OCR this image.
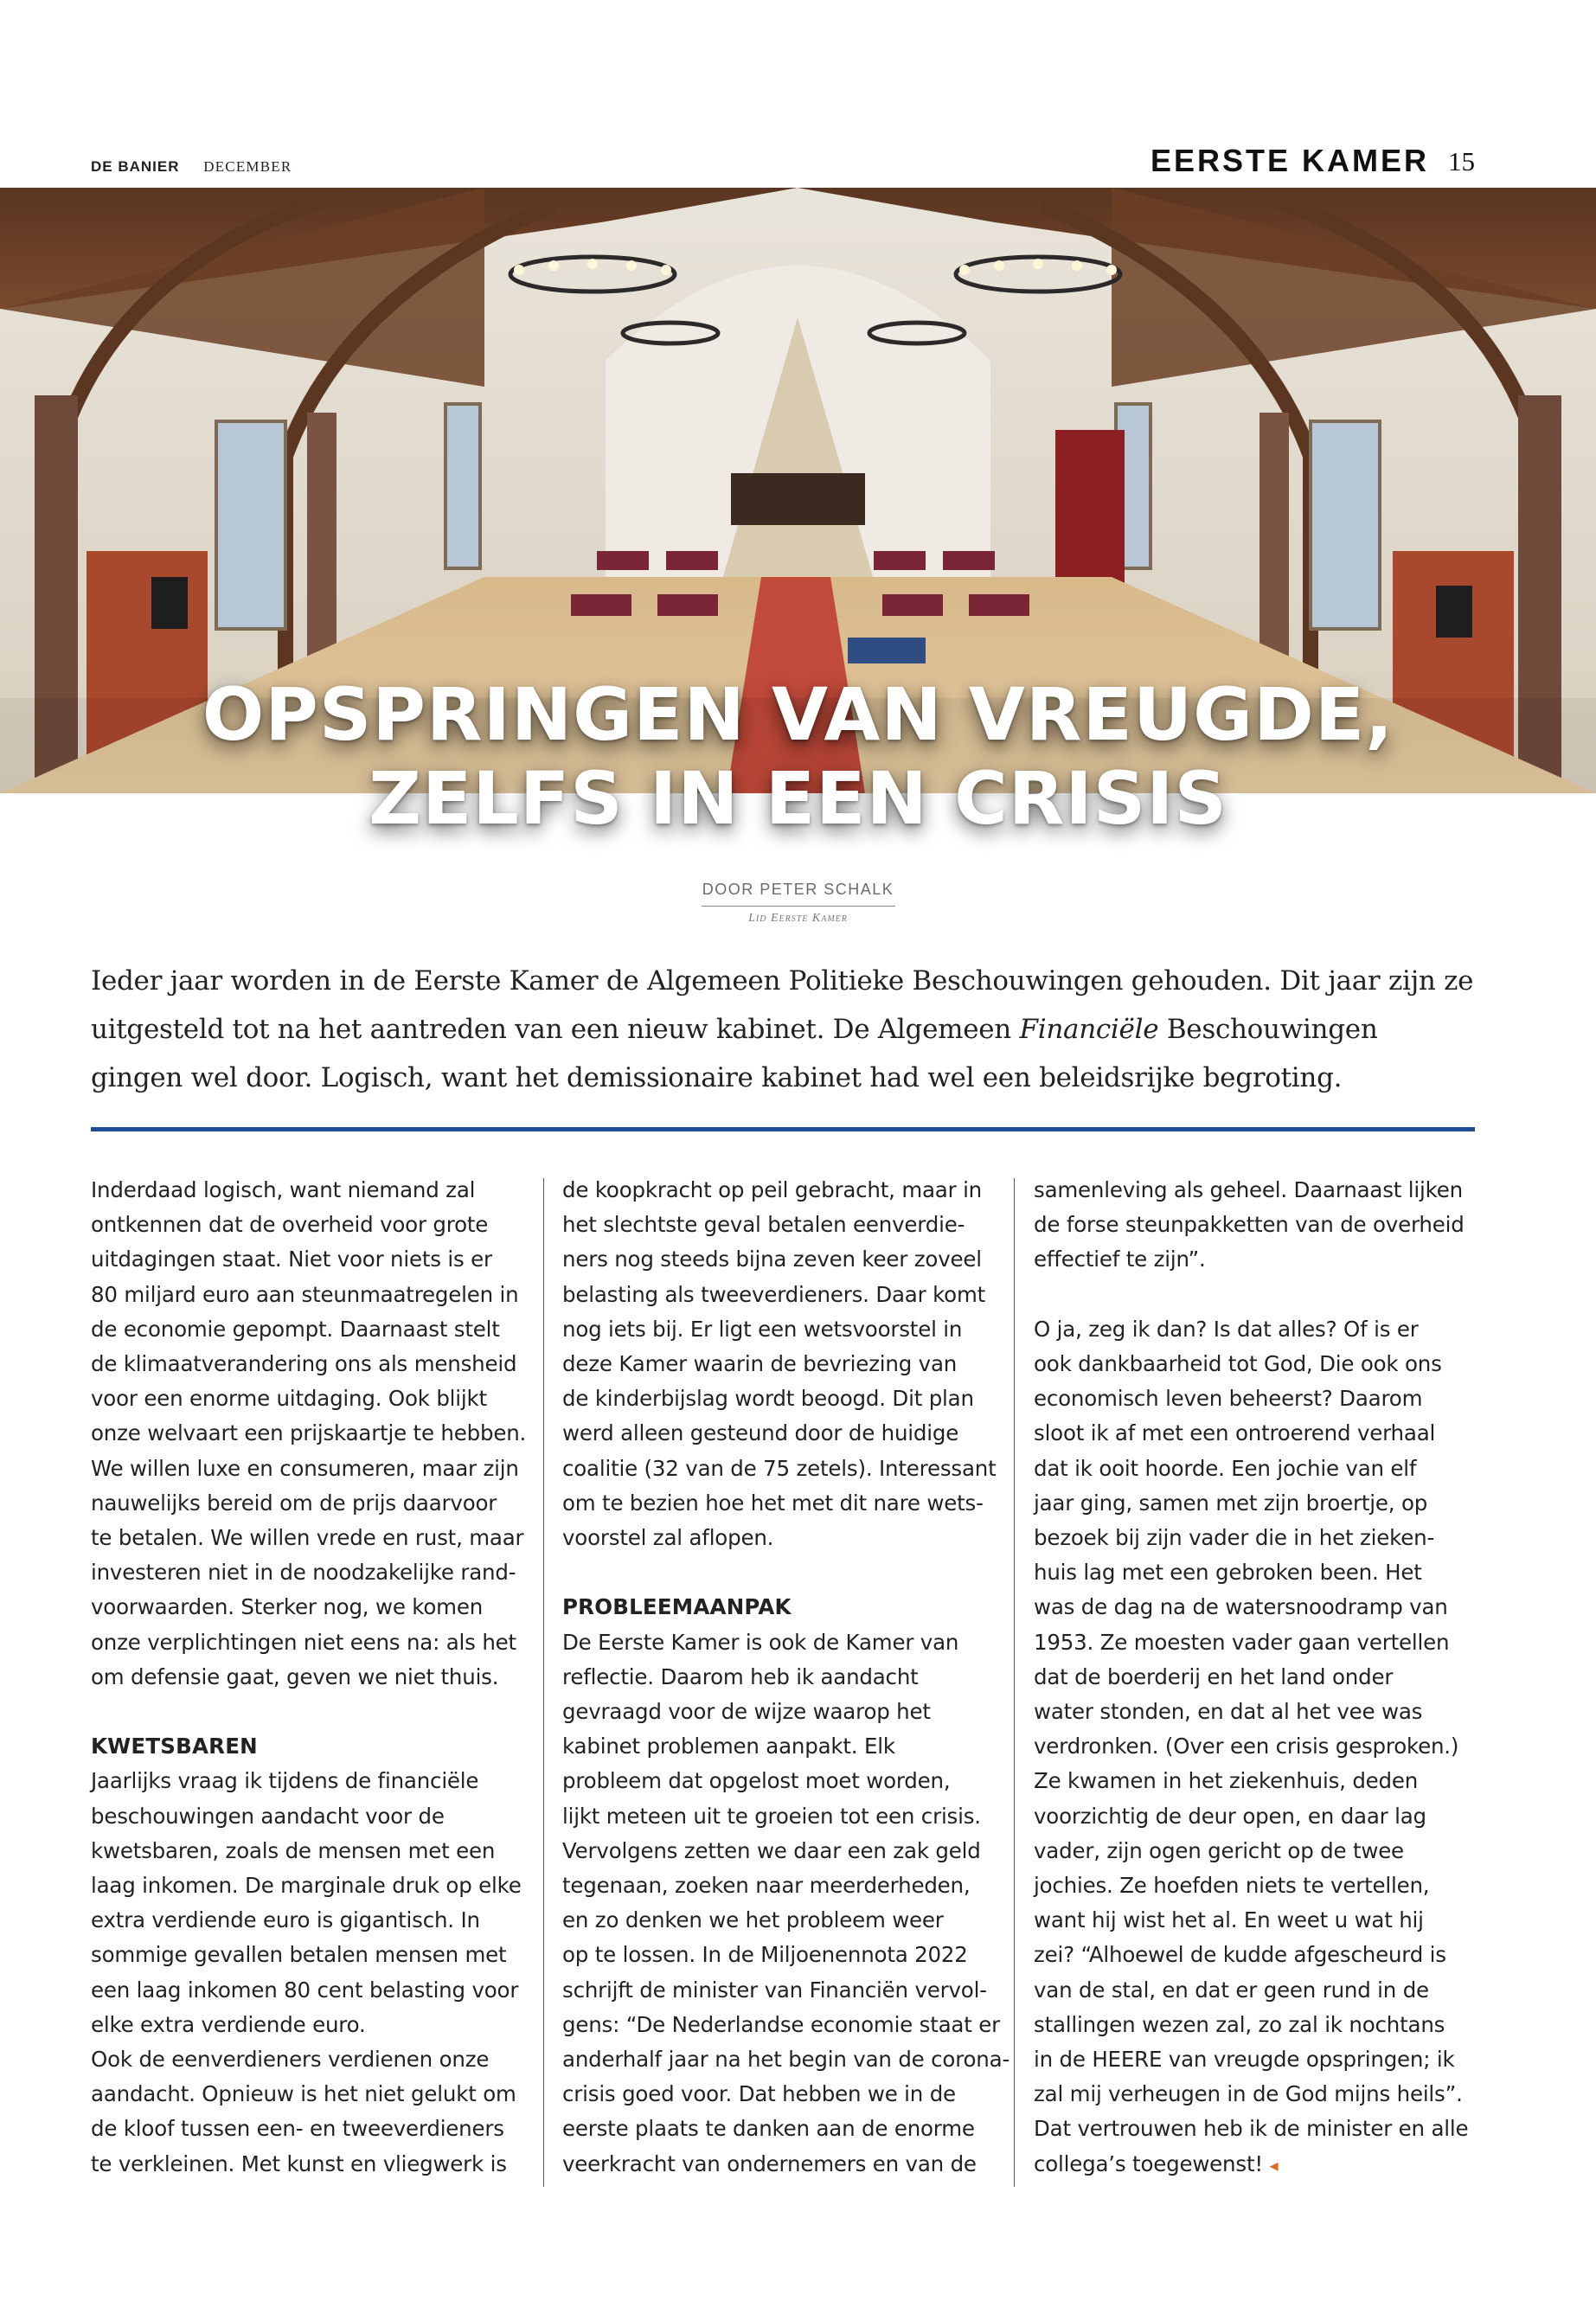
DE BANIER DECEMBER	EERSTE KAMER 15
OPSPRINGEN VAN VREUGDE,
ZELFS IN EEN CRISIS
DOOR PETER SCHALK
Lid Eerste Kamer
Ieder jaar worden in de Eerste Kamer de Algemeen Politieke Beschouwingen gehouden. Dit jaar zijn ze uitgesteld tot na het aantreden van een nieuw kabinet. De Algemeen Financiële Beschouwingen gingen wel door. Logisch, want het demissionaire kabinet had wel een beleidsrijke begroting.

Inderdaad logisch, want niemand zal

ontkennen dat de overheid voor grote

uitdagingen staat. Niet voor niets is er

80 miljard euro aan steunmaatregelen in

de economie gepompt. Daarnaast stelt

de klimaatverandering ons als mensheid

voor een enorme uitdaging. Ook blijkt

onze welvaart een prijskaartje te hebben.

We willen luxe en consumeren, maar zijn

nauwelijks bereid om de prijs daarvoor

te betalen. We willen vrede en rust, maar

investeren niet in de noodzakelijke rand-

voorwaarden. Sterker nog, we komen

onze verplichtingen niet eens na: als het

om defensie gaat, geven we niet thuis.

KWETSBAREN

Jaarlijks vraag ik tijdens de financiële

beschouwingen aandacht voor de

kwetsbaren, zoals de mensen met een

laag inkomen. De marginale druk op elke

extra verdiende euro is gigantisch. In

sommige gevallen betalen mensen met

een laag inkomen 80 cent belasting voor

elke extra verdiende euro.

Ook de eenverdieners verdienen onze

aandacht. Opnieuw is het niet gelukt om

de kloof tussen een- en tweeverdieners

te verkleinen. Met kunst en vliegwerk is

de koopkracht op peil gebracht, maar in

het slechtste geval betalen eenverdie-

ners nog steeds bijna zeven keer zoveel

belasting als tweeverdieners. Daar komt

nog iets bij. Er ligt een wetsvoorstel in

deze Kamer waarin de bevriezing van

de kinderbijslag wordt beoogd. Dit plan

werd alleen gesteund door de huidige

coalitie (32 van de 75 zetels). Interessant

om te bezien hoe het met dit nare wets-

voorstel zal aflopen.

PROBLEEMAANPAK

De Eerste Kamer is ook de Kamer van

reflectie. Daarom heb ik aandacht

gevraagd voor de wijze waarop het

kabinet problemen aanpakt. Elk

probleem dat opgelost moet worden,

lijkt meteen uit te groeien tot een crisis.

Vervolgens zetten we daar een zak geld

tegenaan, zoeken naar meerderheden,

en zo denken we het probleem weer

op te lossen. In de Miljoenennota 2022

schrijft de minister van Financiën vervol-

gens: “De Nederlandse economie staat er

anderhalf jaar na het begin van de corona-

crisis goed voor. Dat hebben we in de

eerste plaats te danken aan de enorme

veerkracht van ondernemers en van de

samenleving als geheel. Daarnaast lijken

de forse steunpakketten van de overheid

effectief te zijn”.

O ja, zeg ik dan? Is dat alles? Of is er

ook dankbaarheid tot God, Die ook ons

economisch leven beheerst? Daarom

sloot ik af met een ontroerend verhaal

dat ik ooit hoorde. Een jochie van elf

jaar ging, samen met zijn broertje, op

bezoek bij zijn vader die in het zieken-

huis lag met een gebroken been. Het

was de dag na de watersnoodramp van

1953. Ze moesten vader gaan vertellen

dat de boerderij en het land onder

water stonden, en dat al het vee was

verdronken. (Over een crisis gesproken.)

Ze kwamen in het ziekenhuis, deden

voorzichtig de deur open, en daar lag

vader, zijn ogen gericht op de twee

jochies. Ze hoefden niets te vertellen,

want hij wist het al. En weet u wat hij

zei? “Alhoewel de kudde afgescheurd is

van de stal, en dat er geen rund in de

stallingen wezen zal, zo zal ik nochtans

in de HEERE van vreugde opspringen; ik

zal mij verheugen in de God mijns heils”.

Dat vertrouwen heb ik de minister en alle

collega’s toegewenst! ◂
